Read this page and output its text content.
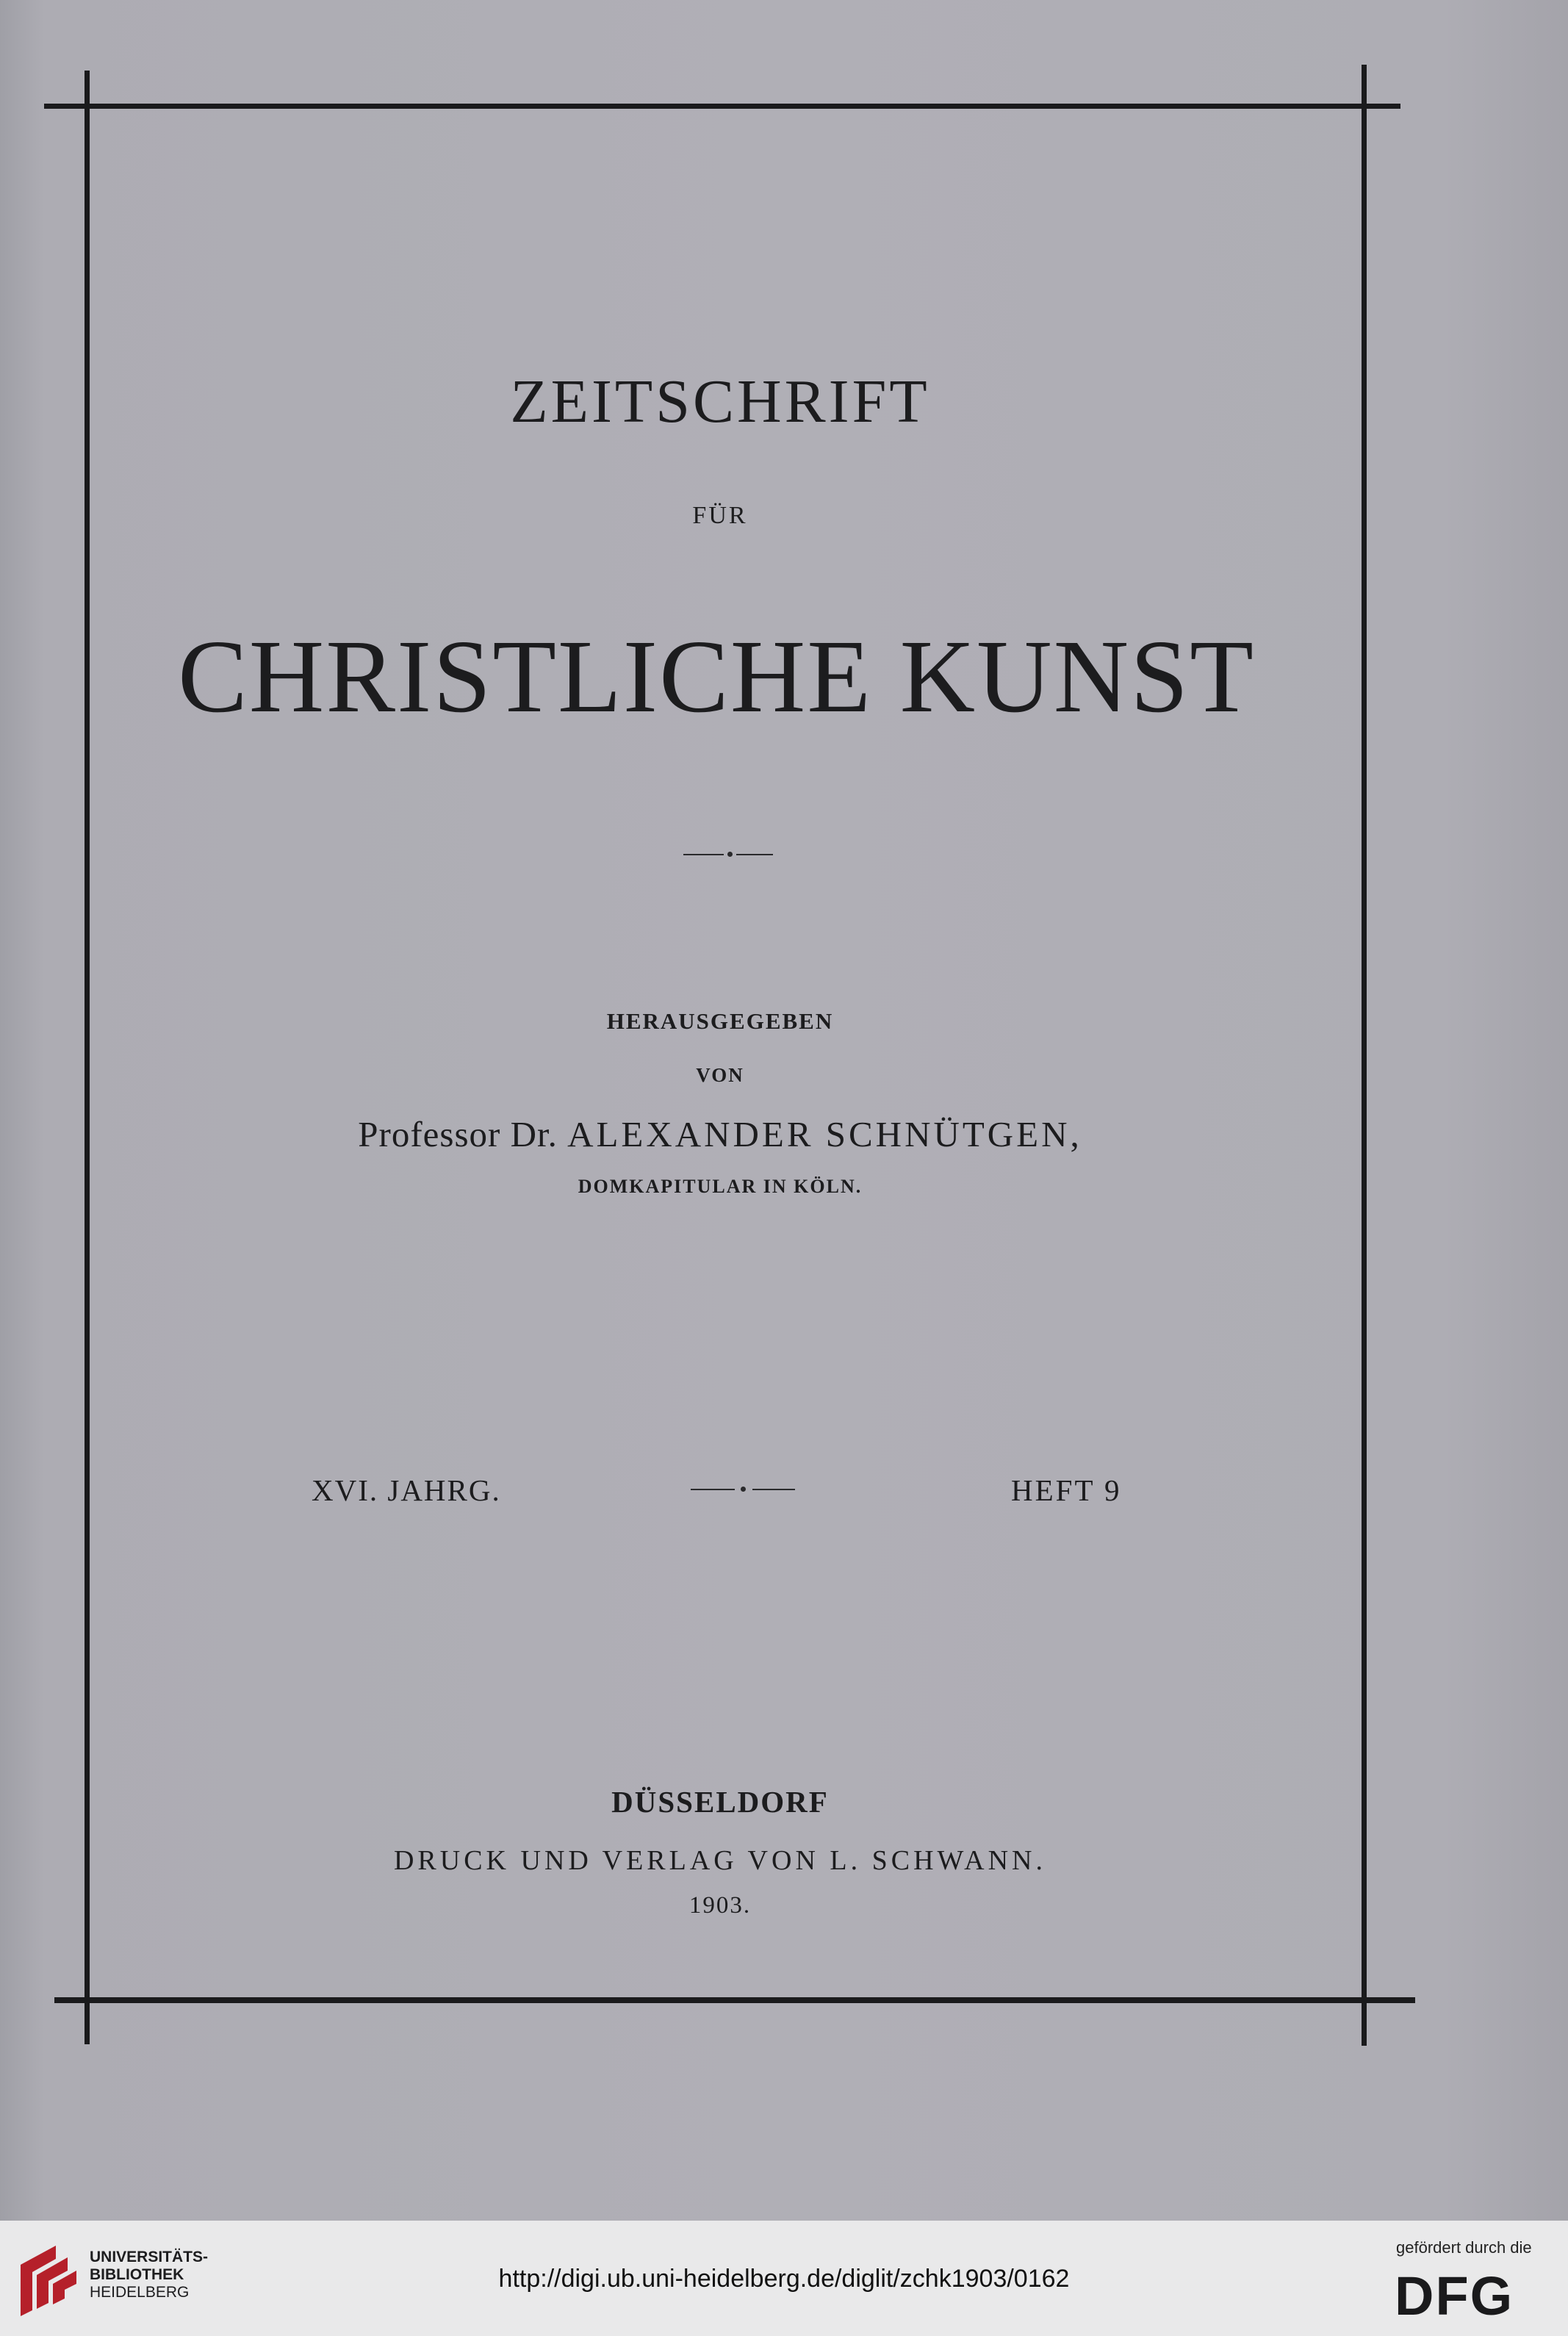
ZEITSCHRIFT
FÜR
CHRISTLICHE KUNST
HERAUSGEGEBEN
VON
Professor Dr. ALEXANDER SCHNÜTGEN,
DOMKAPITULAR IN KÖLN.
XVI. JAHRG.	HEFT 9
DÜSSELDORF
DRUCK UND VERLAG VON L. SCHWANN.
1903.
UNIVERSITÄTS-
BIBLIOTHEK
HEIDELBERG	http://digi.ub.uni-heidelberg.de/diglit/zchk1903/0162
gefördert durch die
DFG
